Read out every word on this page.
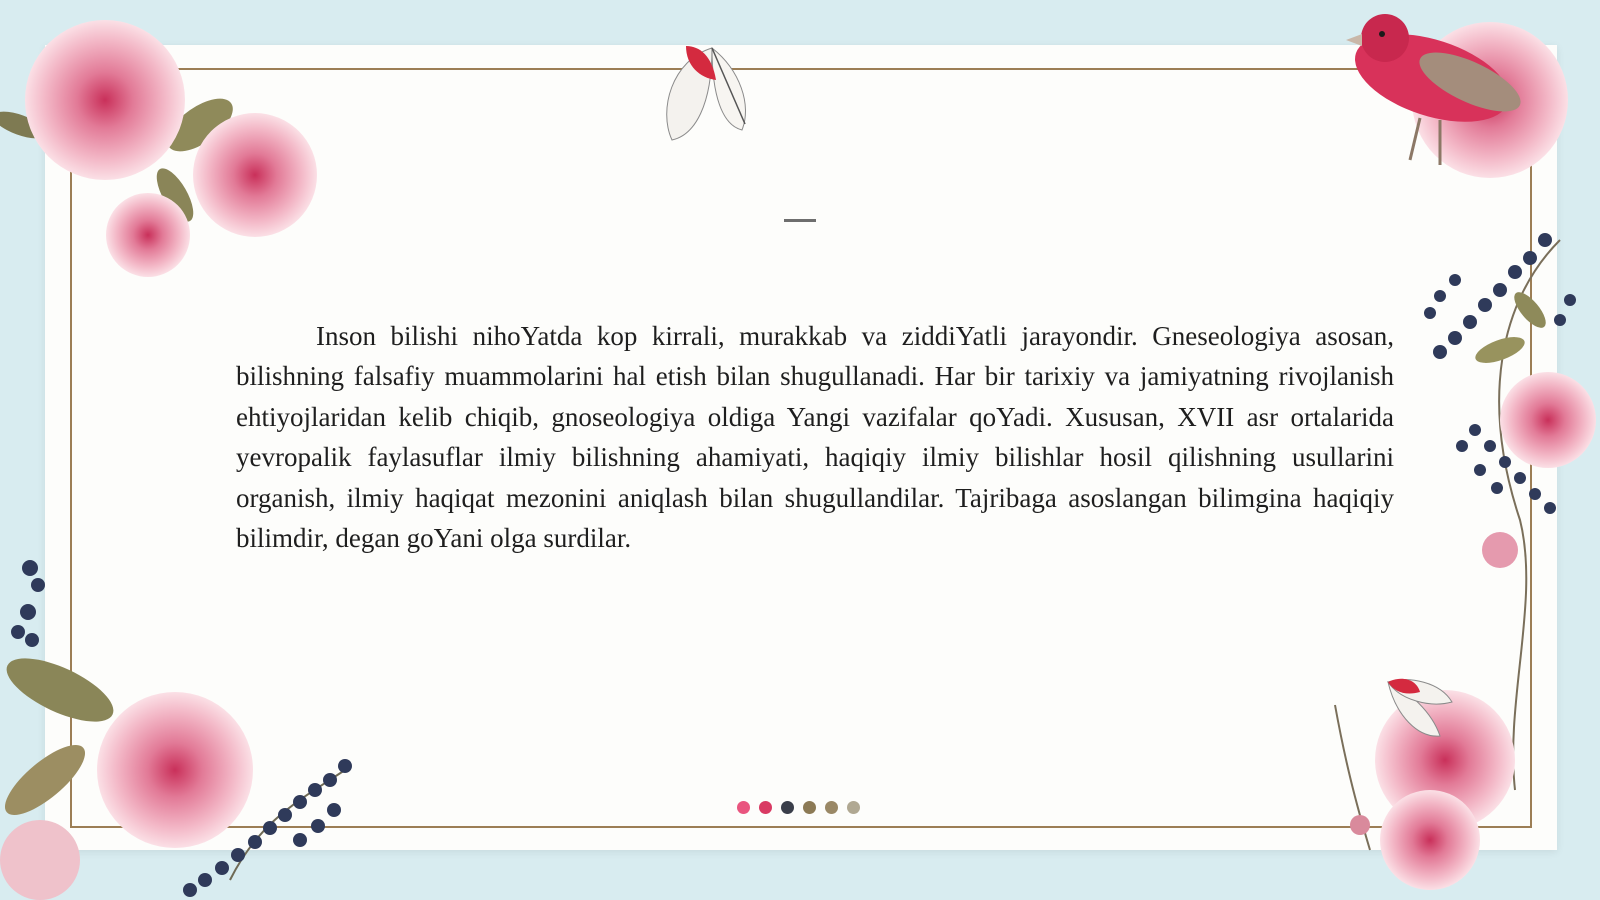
Inson bilishi nihoYatda kop kirrali, murakkab va ziddiYatli jarayondir. Gneseologiya asosan, bilishning falsafiy muammolarini hal etish bilan shugullanadi. Har bir tarixiy va jamiyatning rivojlanish ehtiyojlaridan kelib chiqib, gnoseologiya oldiga Yangi vazifalar qoYadi. Xususan, XVII asr ortalarida yevropalik faylasuflar ilmiy bilishning ahamiyati, haqiqiy ilmiy bilishlar hosil qilishning usullarini organish, ilmiy haqiqat mezonini aniqlash bilan shugullandilar. Tajribaga asoslangan bilimgina haqiqiy bilimdir, degan goYani olga surdilar.
